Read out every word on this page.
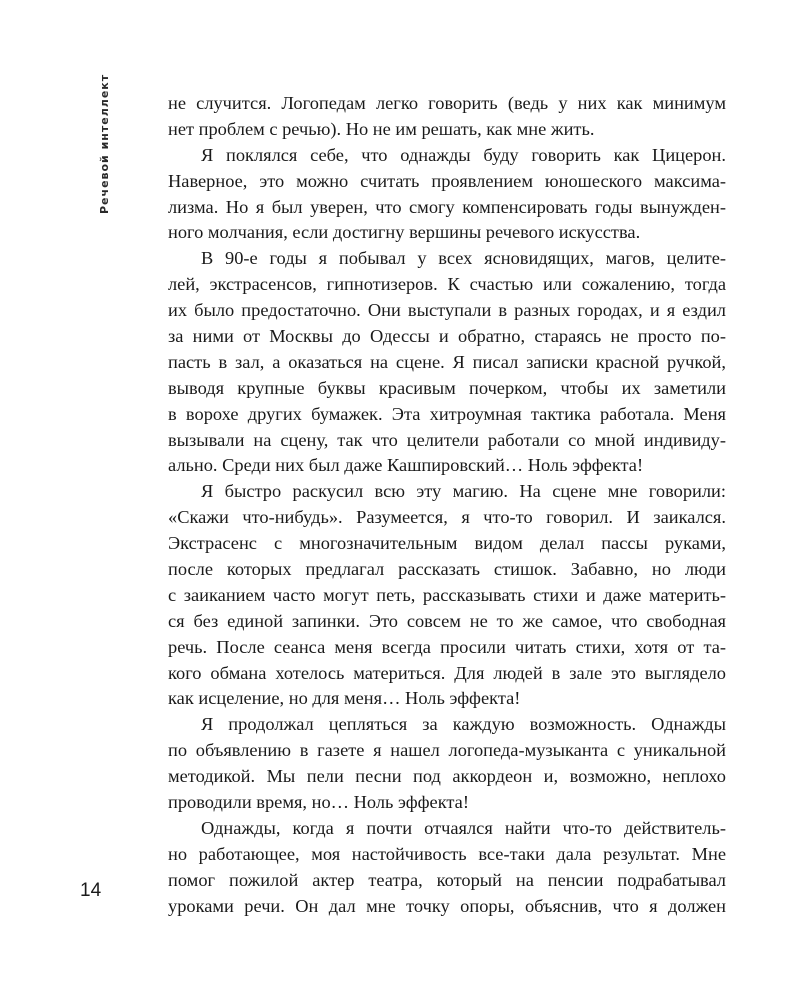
Речевой интеллект	не случится. Логопедам легко говорить (ведь у них как минимум
нет проблем с речью). Но не им решать, как мне жить.
Я поклялся себе, что однажды буду говорить как Цицерон.
Наверное, это можно считать проявлением юношеского максима-
лизма. Но я был уверен, что смогу компенсировать годы вынужден-
ного молчания, если достигну вершины речевого искусства.
В 90-е годы я побывал у всех ясновидящих, магов, целите-
лей, экстрасенсов, гипнотизеров. К счастью или сожалению, тогда
их было предостаточно. Они выступали в разных городах, и я ездил
за ними от Москвы до Одессы и обратно, стараясь не просто по-
пасть в зал, а оказаться на сцене. Я писал записки красной ручкой,
выводя крупные буквы красивым почерком, чтобы их заметили
в ворохе других бумажек. Эта хитроумная тактика работала. Меня
вызывали на сцену, так что целители работали со мной индивиду-
ально. Среди них был даже Кашпировский… Ноль эффекта!
Я быстро раскусил всю эту магию. На сцене мне говорили:
«Скажи что-нибудь». Разумеется, я что-то говорил. И заикался.
Экстрасенс с многозначительным видом делал пассы руками,
после которых предлагал рассказать стишок. Забавно, но люди
с заиканием часто могут петь, рассказывать стихи и даже материть-
ся без единой запинки. Это совсем не то же самое, что свободная
речь. После сеанса меня всегда просили читать стихи, хотя от та-
кого обмана хотелось материться. Для людей в зале это выглядело
как исцеление, но для меня… Ноль эффекта!
Я продолжал цепляться за каждую возможность. Однажды
по объявлению в газете я нашел логопеда-музыканта с уникальной
методикой. Мы пели песни под аккордеон и, возможно, неплохо
проводили время, но… Ноль эффекта!
Однажды, когда я почти отчаялся найти что-то действитель-
но работающее, моя настойчивость все-таки дала результат. Мне
помог пожилой актер театра, который на пенсии подрабатывал
уроками речи. Он дал мне точку опоры, объяснив, что я должен
14
